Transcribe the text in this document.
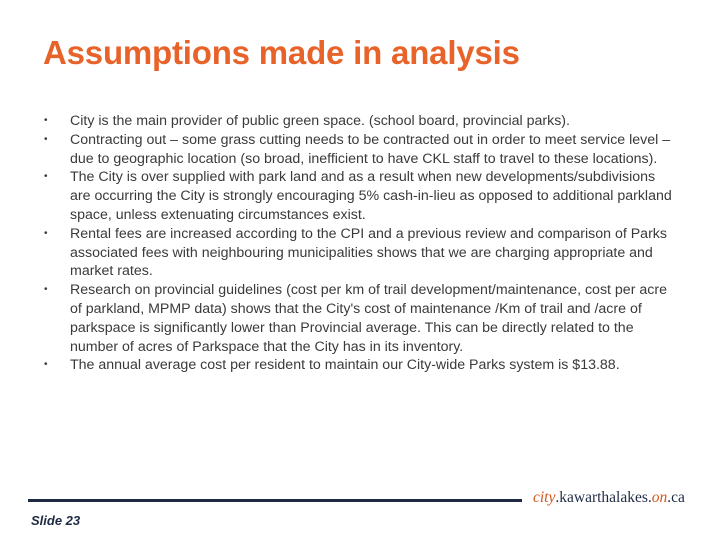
Assumptions made in analysis
•	City is the main provider of public green space. (school board, provincial parks).
•	Contracting out – some grass cutting needs to be contracted out in order to meet service level – due to geographic location (so broad, inefficient to have CKL staff to travel to these locations).
•	The City is over supplied with park land and as a result when new developments/subdivisions are occurring the City is strongly encouraging 5% cash-in-lieu as opposed to additional parkland space, unless extenuating circumstances exist.
•	Rental fees are increased according to the CPI and a previous review and comparison of Parks associated fees with neighbouring municipalities shows that we are charging appropriate and market rates.
•	Research on provincial guidelines (cost per km of trail development/maintenance, cost per acre of parkland, MPMP data) shows that the City's cost of maintenance /Km of trail and /acre of parkspace is significantly lower than Provincial average. This can be directly related to the number of acres of Parkspace that the City has in its inventory.
•	The annual average cost per resident to maintain our City-wide Parks system is $13.88.
city.kawarthalakes.on.ca
Slide 23
